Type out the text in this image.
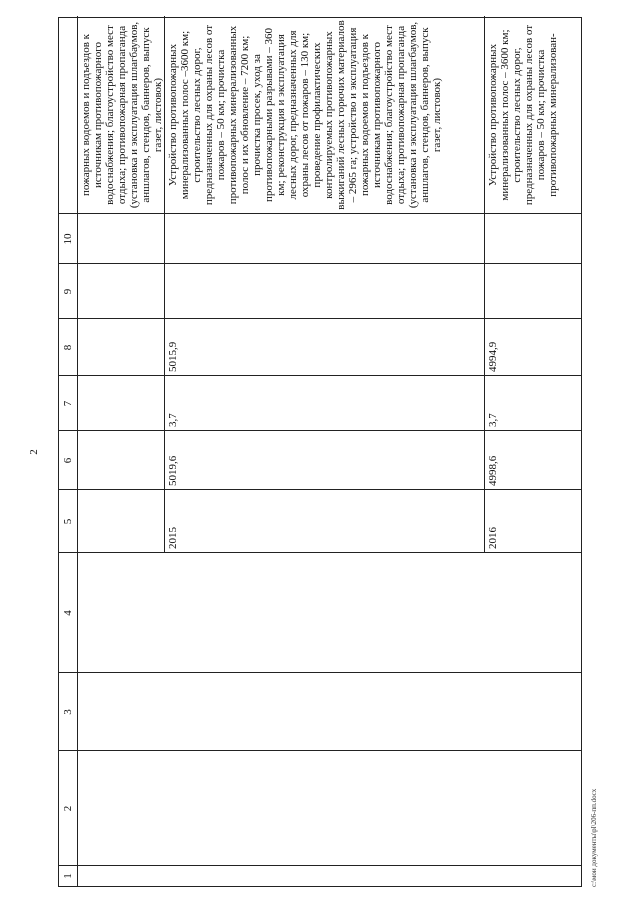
2
1
2
3
4
5
6
7
8
9
10
пожарных водоемов и подъездов к источникам противопожарного водоснабжения; благоустройство мест отдыха; противопожарная пропаганда (установка и эксплуатация шлагбаумов, аншлагов, стендов, баннеров, выпуск газет, листовок)
2015
5019,6
3,7
5015,9
Устройство противопожарных минерализованных полос –3600 км; строительство лесных дорог, предназначенных для охраны лесов от пожаров – 50 км; прочистка противопожарных минерализованных полос и их обновление – 7200 км; прочистка просек, уход за противопожарными разрывами – 360 км; реконструкция и эксплуатация лесных дорог, предназначенных для охраны лесов от пожаров – 130 км; проведение профилактических контролируемых противопожарных выжиганий лесных горючих материалов – 2965 га; устройство и эксплуатация пожарных водоемов и подъездов к источникам противопожарного водоснабжения; благоустройство мест отдыха; противопожарная пропаганда (установка и эксплуатация шлагбаумов, аншлагов, стендов, баннеров, выпуск газет, листовок)
2016
4998,6
3,7
4994,9
Устройство противопожарных минерализованных полос – 3600 км; строительство лесных дорог, предназначенных для охраны лесов от пожаров – 50 км; прочистка противопожарных минерализован-
c:\мои документы\рl\206-пп.docx
